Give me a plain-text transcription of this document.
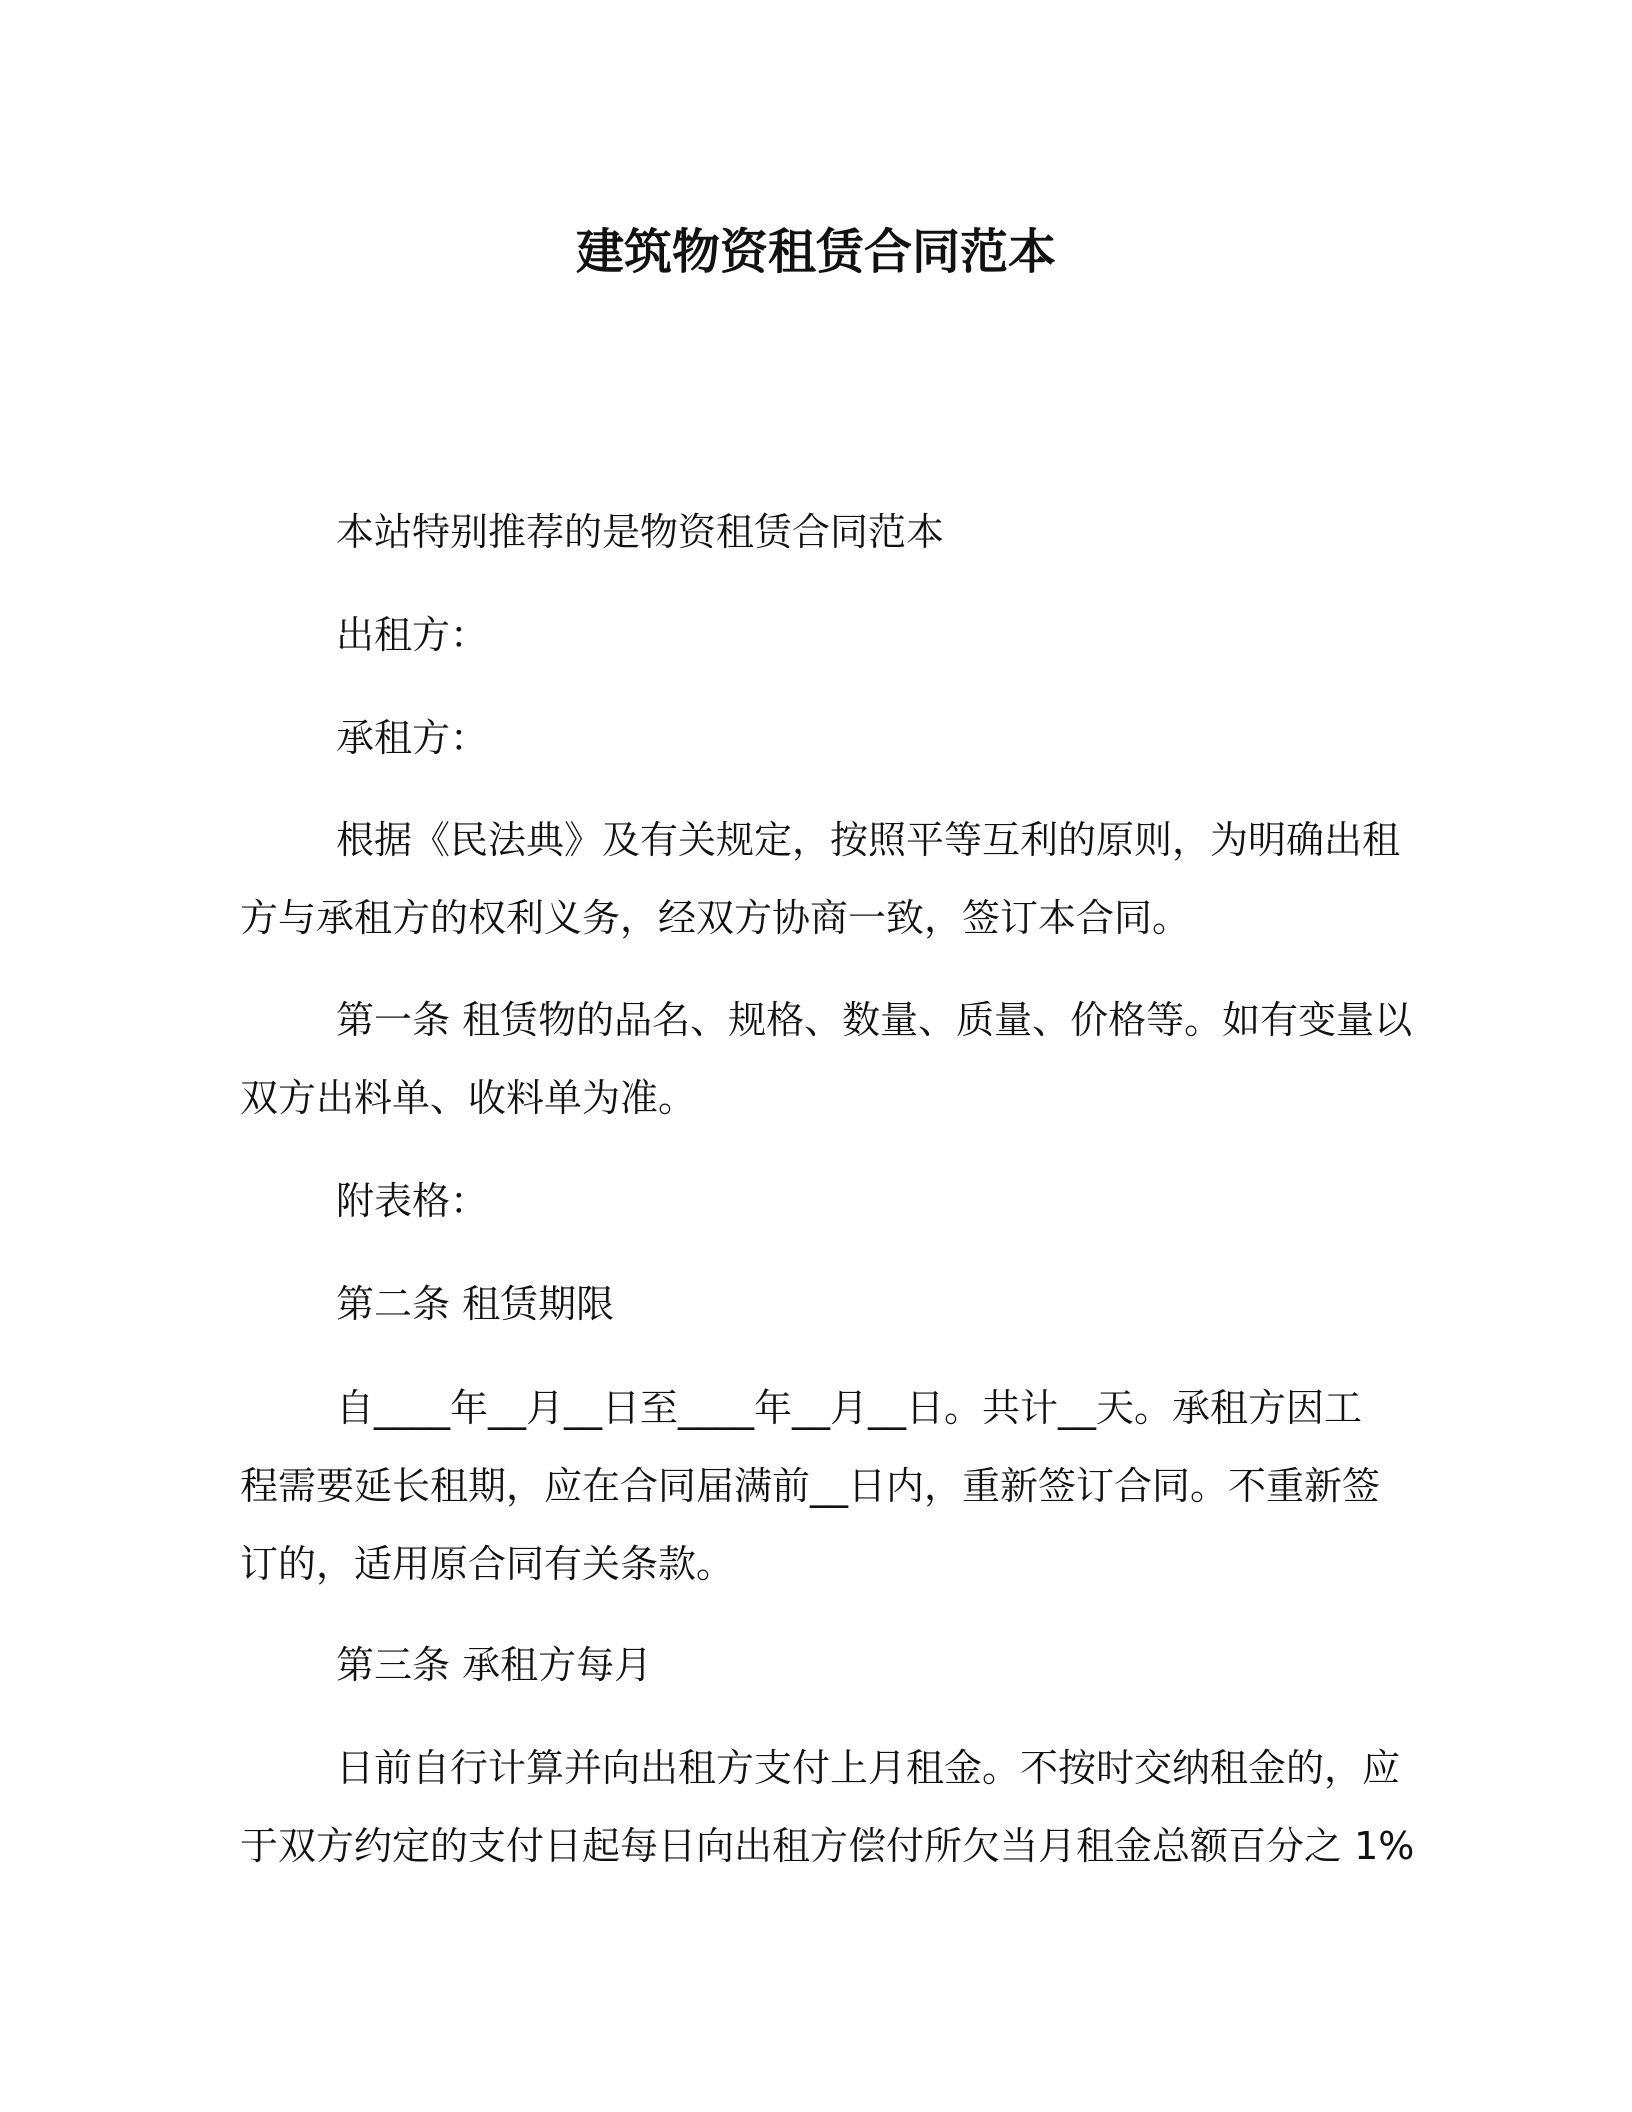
建筑物资租赁合同范本
本站特别推荐的是物资租赁合同范本
出租方：
承租方：
根据《民法典》及有关规定，按照平等互利的原则，为明确出租
方与承租方的权利义务，经双方协商一致，签订本合同。
第一条 租赁物的品名、规格、数量、质量、价格等。如有变量以
双方出料单、收料单为准。
附表格：
第二条 租赁期限
自____年__月__日至____年__月__日。共计__天。承租方因工
程需要延长租期，应在合同届满前__日内，重新签订合同。不重新签
订的，适用原合同有关条款。
第三条 承租方每月
日前自行计算并向出租方支付上月租金。不按时交纳租金的，应
于双方约定的支付日起每日向出租方偿付所欠当月租金总额百分之 1%
